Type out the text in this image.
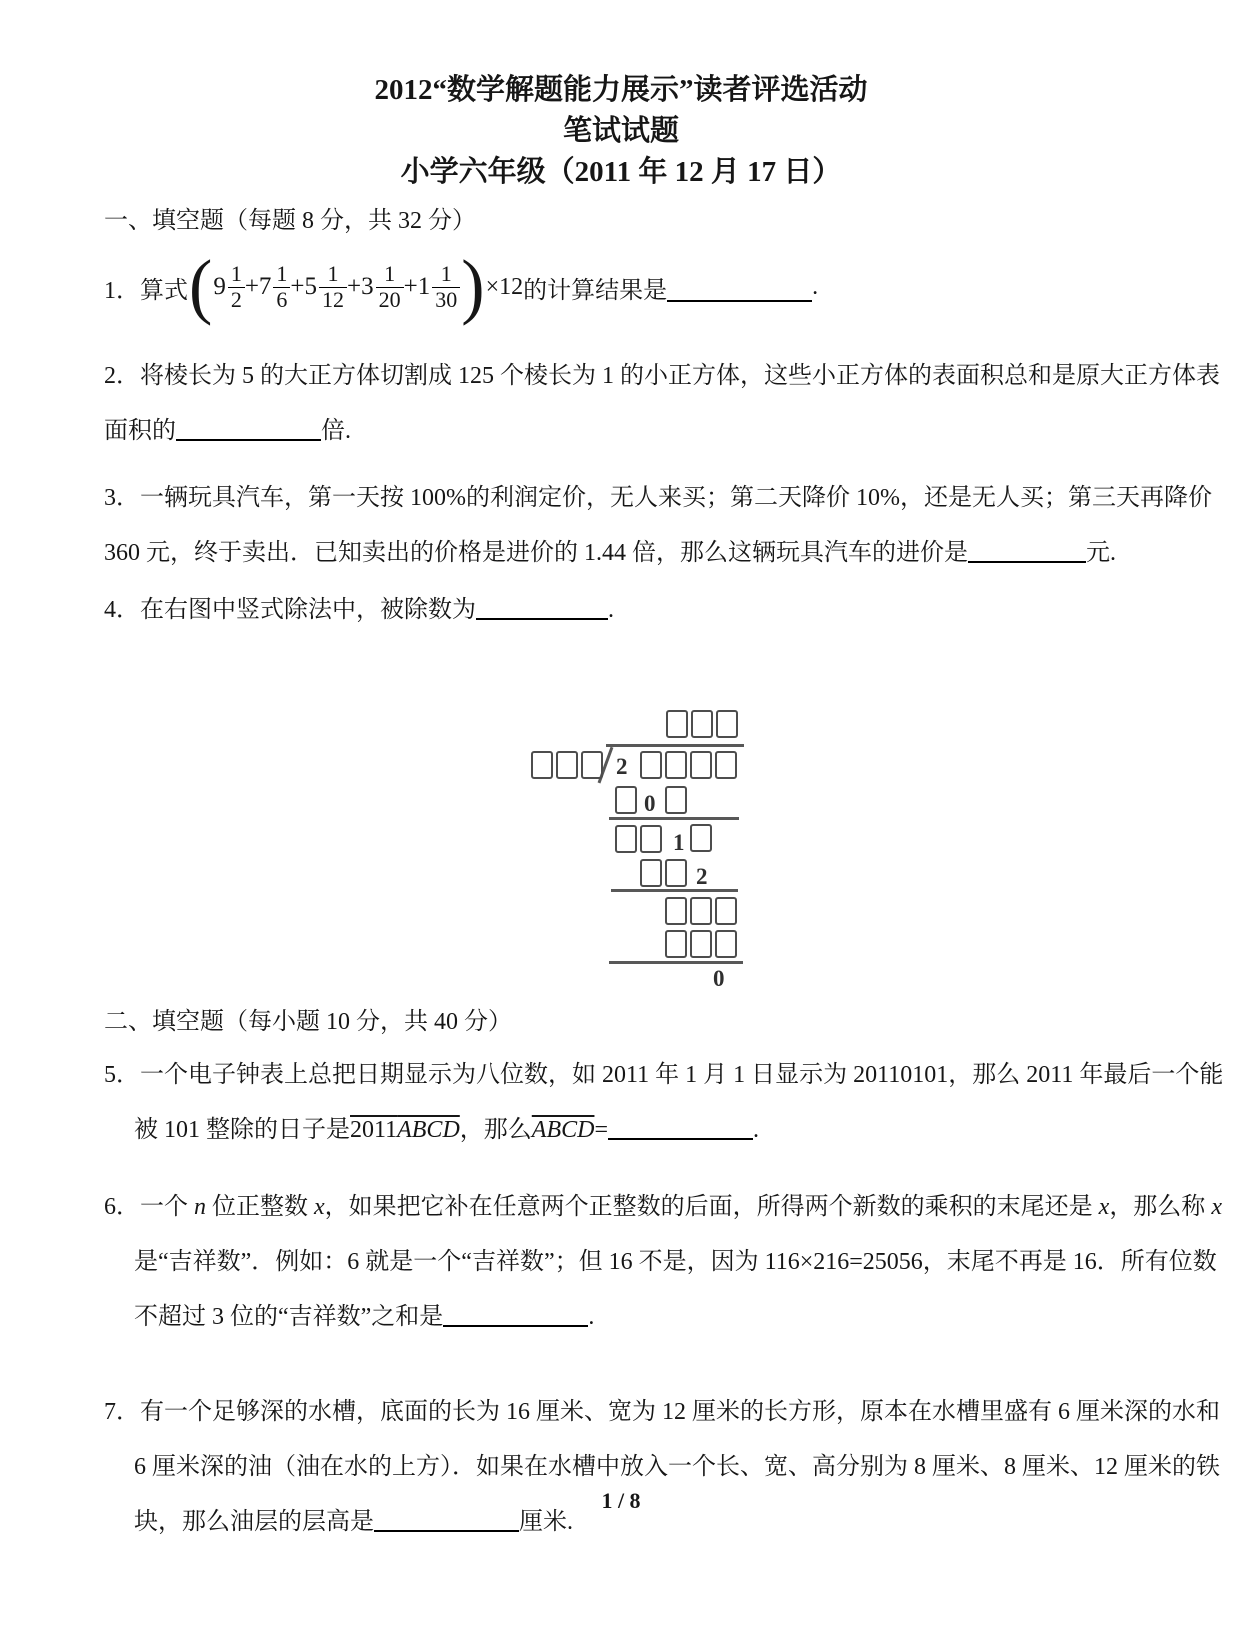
2012“数学解题能力展示”读者评选活动
笔试试题
小学六年级（2011 年 12 月 17 日）
一、填空题（每题 8 分，共 32 分）
1． 算式 ( $9 \frac{1}{2} +7 \frac{1}{6} +5 \frac{1}{12} +3 \frac{1}{20} +1 \frac{1}{30}$ ) ×12 的计算结果是	.
2．将棱长为 5 的大正方体切割成 125 个棱长为 1 的小正方体，这些小正方体的表面积总和是原大正方体表
面积的	倍.
3．一辆玩具汽车，第一天按 100%的利润定价，无人来买；第二天降价 10%，还是无人买；第三天再降价
360 元，终于卖出．已知卖出的价格是进价的 1.44 倍，那么这辆玩具汽车的进价是	元.
4．在右图中竖式除法中，被除数为	.
2
0
1
2
0
二、填空题（每小题 10 分，共 40 分）
5．一个电子钟表上总把日期显示为八位数，如 2011 年 1 月 1 日显示为 20110101，那么 2011 年最后一个能
被 101 整除的日子是2011ABCD，那么ABCD=	.
6．一个 n 位正整数 x，如果把它补在任意两个正整数的后面，所得两个新数的乘积的末尾还是 x，那么称 x
是“吉祥数”．例如：6 就是一个“吉祥数”；但 16 不是，因为 116×216=25056，末尾不再是 16．所有位数
不超过 3 位的“吉祥数”之和是	.
7．有一个足够深的水槽，底面的长为 16 厘米、宽为 12 厘米的长方形，原本在水槽里盛有 6 厘米深的水和
6 厘米深的油（油在水的上方）．如果在水槽中放入一个长、宽、高分别为 8 厘米、8 厘米、12 厘米的铁
块，那么油层的层高是	厘米.
1 / 8
